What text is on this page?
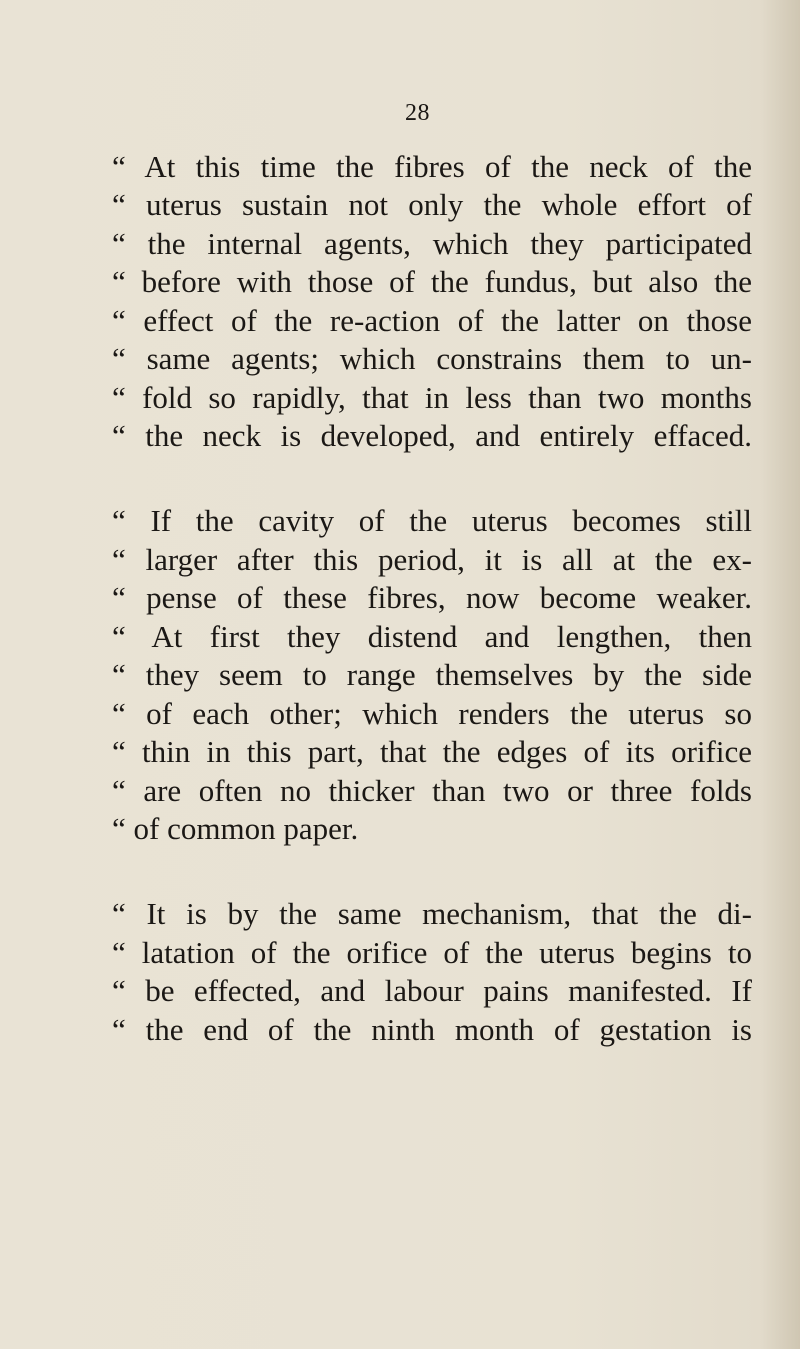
28
“ At this time the fibres of the neck of the
“ uterus sustain not only the whole effort of
“ the internal agents, which they participated
“ before with those of the fundus, but also the
“ effect of the re-action of the latter on those
“ same agents; which constrains them to un-
“ fold so rapidly, that in less than two months
“ the neck is developed, and entirely effaced.
“ If the cavity of the uterus becomes still
“ larger after this period, it is all at the ex-
“ pense of these fibres, now become weaker.
“ At first they distend and lengthen, then
“ they seem to range themselves by the side
“ of each other; which renders the uterus so
“ thin in this part, that the edges of its orifice
“ are often no thicker than two or three folds
“ of common paper.
“ It is by the same mechanism, that the di-
“ latation of the orifice of the uterus begins to
“ be effected, and labour pains manifested. If
“ the end of the ninth month of gestation is
